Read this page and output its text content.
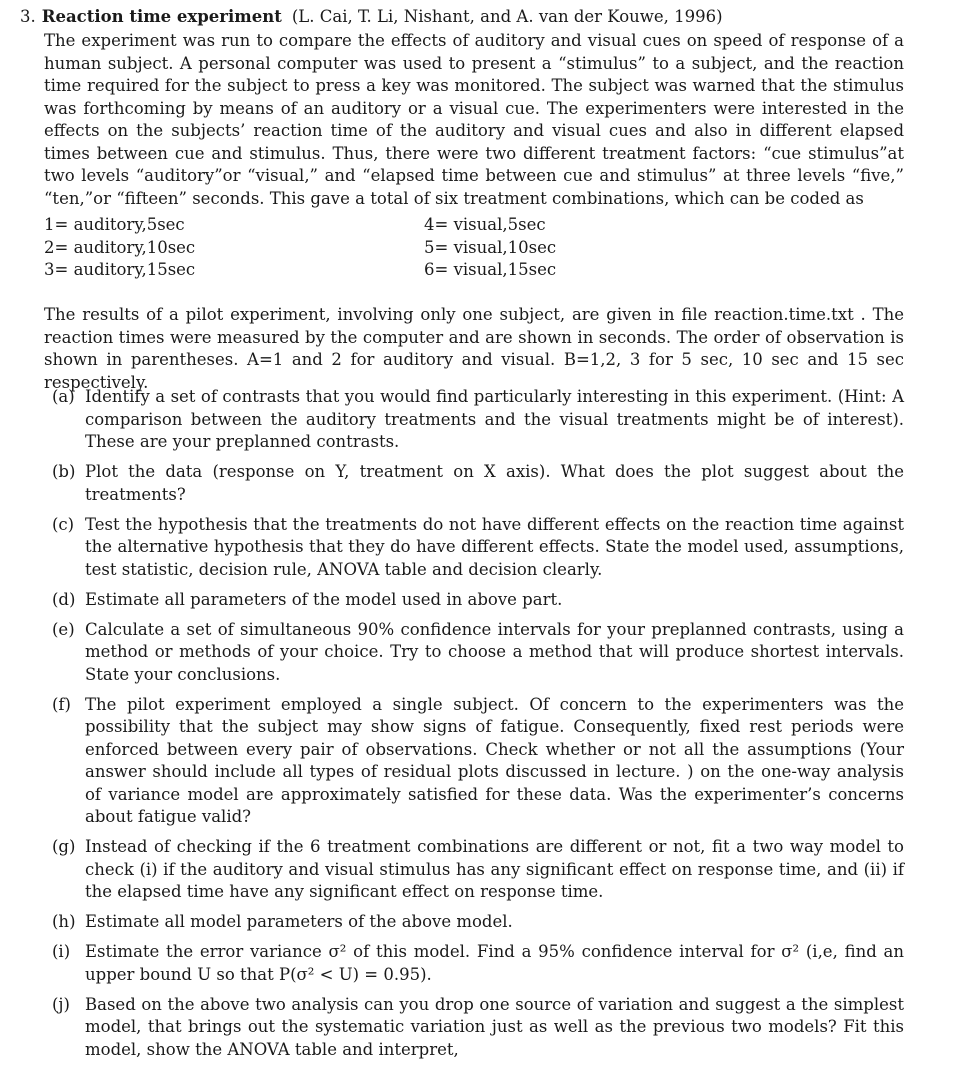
3. Reaction time experiment (L. Cai, T. Li, Nishant, and A. van der Kouwe, 1996)

The experiment was run to compare the effects of auditory and visual cues on speed of response of a human subject. A personal computer was used to present a “stimulus” to a subject, and the reaction time required for the subject to press a key was monitored. The subject was warned that the stimulus was forthcoming by means of an auditory or a visual cue. The experimenters were interested in the effects on the subjects’ reaction time of the auditory and visual cues and also in different elapsed times between cue and stimulus. Thus, there were two different treatment factors: “cue stimulus”at two levels “auditory”or “visual,” and “elapsed time between cue and stimulus” at three levels “five,” “ten,”or “fifteen” seconds. This gave a total of six treatment combinations, which can be coded as

1= auditory,5sec
2= auditory,10sec
3= auditory,15sec
4= visual,5sec
5= visual,10sec
6= visual,15sec

The results of a pilot experiment, involving only one subject, are given in file reaction.time.txt . The reaction times were measured by the computer and are shown in seconds. The order of observation is shown in parentheses. A=1 and 2 for auditory and visual. B=1,2, 3 for 5 sec, 10 sec and 15 sec respectively.

(a) Identify a set of contrasts that you would find particularly interesting in this experiment. (Hint: A comparison between the auditory treatments and the visual treatments might be of interest). These are your preplanned contrasts.
(b) Plot the data (response on Y, treatment on X axis). What does the plot suggest about the treatments?
(c) Test the hypothesis that the treatments do not have different effects on the reaction time against the alternative hypothesis that they do have different effects. State the model used, assumptions, test statistic, decision rule, ANOVA table and decision clearly.
(d) Estimate all parameters of the model used in above part.
(e) Calculate a set of simultaneous 90% confidence intervals for your preplanned contrasts, using a method or methods of your choice. Try to choose a method that will produce shortest intervals. State your conclusions.
(f) The pilot experiment employed a single subject. Of concern to the experimenters was the possibility that the subject may show signs of fatigue. Consequently, fixed rest periods were enforced between every pair of observations. Check whether or not all the assumptions (Your answer should include all types of residual plots discussed in lecture. ) on the one-way analysis of variance model are approximately satisfied for these data. Was the experimenter’s concerns about fatigue valid?
(g) Instead of checking if the 6 treatment combinations are different or not, fit a two way model to check (i) if the auditory and visual stimulus has any significant effect on response time, and (ii) if the elapsed time have any significant effect on response time.
(h) Estimate all model parameters of the above model.
(i) Estimate the error variance σ² of this model. Find a 95% confidence interval for σ² (i,e, find an upper bound U so that P(σ² < U) = 0.95).
(j) Based on the above two analysis can you drop one source of variation and suggest a the simplest model, that brings out the systematic variation just as well as the previous two models? Fit this model, show the ANOVA table and interpret,
